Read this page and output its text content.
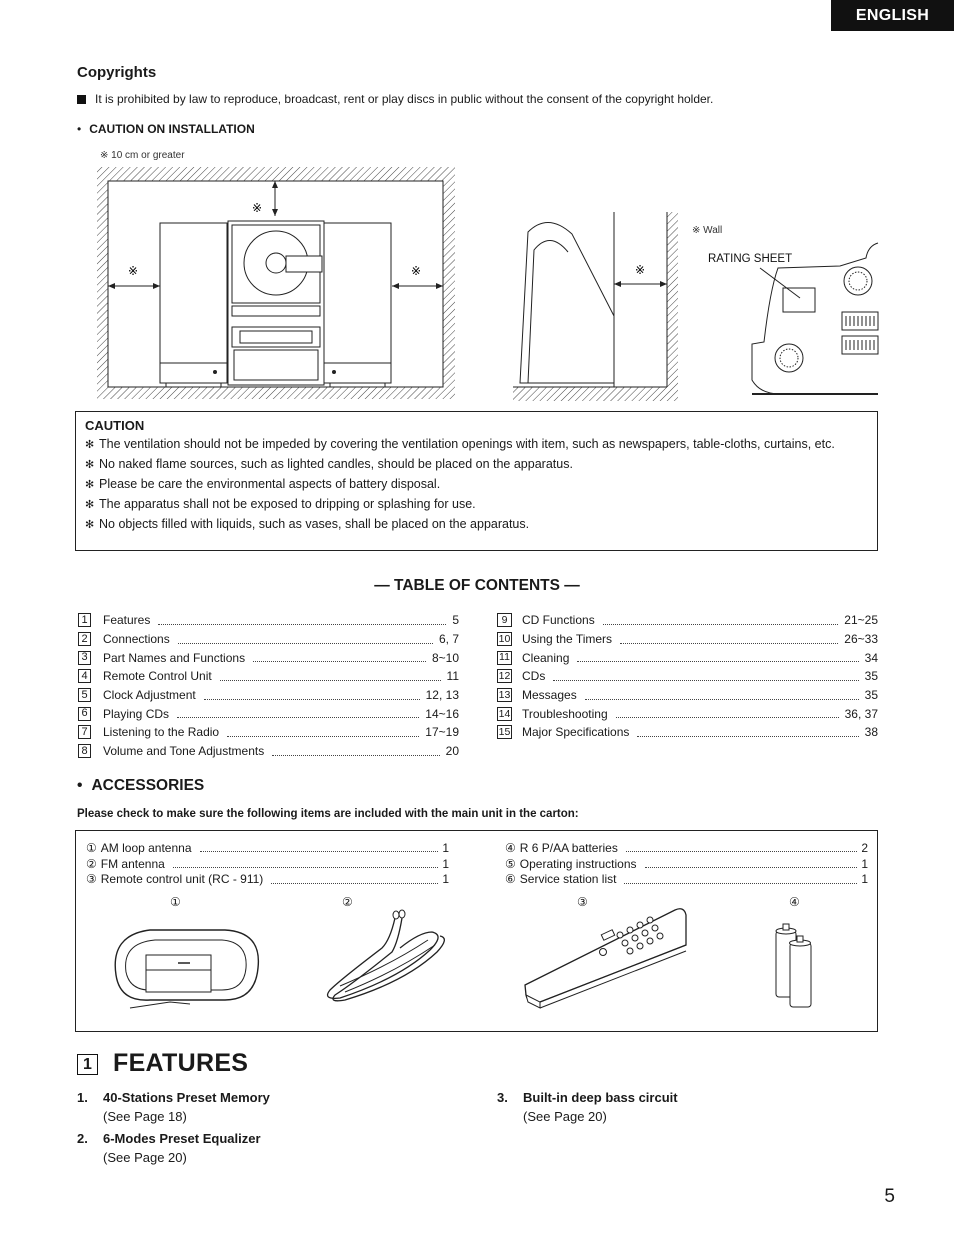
ENGLISH
Copyrights
It is prohibited by law to reproduce, broadcast, rent or play discs in public without the consent of the copyright holder.
• CAUTION ON INSTALLATION
※ 10 cm or greater
※ Wall
RATING SHEET
※
※	※	※
CAUTION
✻ The ventilation should not be impeded by covering the ventilation openings with item, such as newspapers, table-cloths, curtains, etc.
✻ No naked flame sources, such as lighted candles, should be placed on the apparatus.
✻ Please be care the environmental aspects of battery disposal.
✻ The apparatus shall not be exposed to dripping or splashing for use.
✻ No objects filled with liquids, such as vases, shall be placed on the apparatus.
— TABLE OF CONTENTS —
1 Features	5
2 Connections	6, 7
3 Part Names and Functions	8~10
4 Remote Control Unit	11
5 Clock Adjustment	12, 13
6 Playing CDs	14~16
7 Listening to the Radio	17~19
8 Volume and Tone Adjustments	20
9	CD Functions	21~25
10 Using the Timers	26~33
11 Cleaning	34
12 CDs	35
13 Messages	35
14 Troubleshooting	36, 37
15 Major Specifications	38
• ACCESSORIES
Please check to make sure the following items are included with the main unit in the carton:
① AM loop antenna	1
② FM antenna	1
③ Remote control unit (RC - 911)	1
④ R 6 P/AA batteries	2
⑤ Operating instructions	1
⑥ Service station list	1
①	②	③	④
1 FEATURES
1. 40-Stations Preset Memory
(See Page 18)
2. 6-Modes Preset Equalizer
(See Page 20)
3. Built-in deep bass circuit
(See Page 20)
5
